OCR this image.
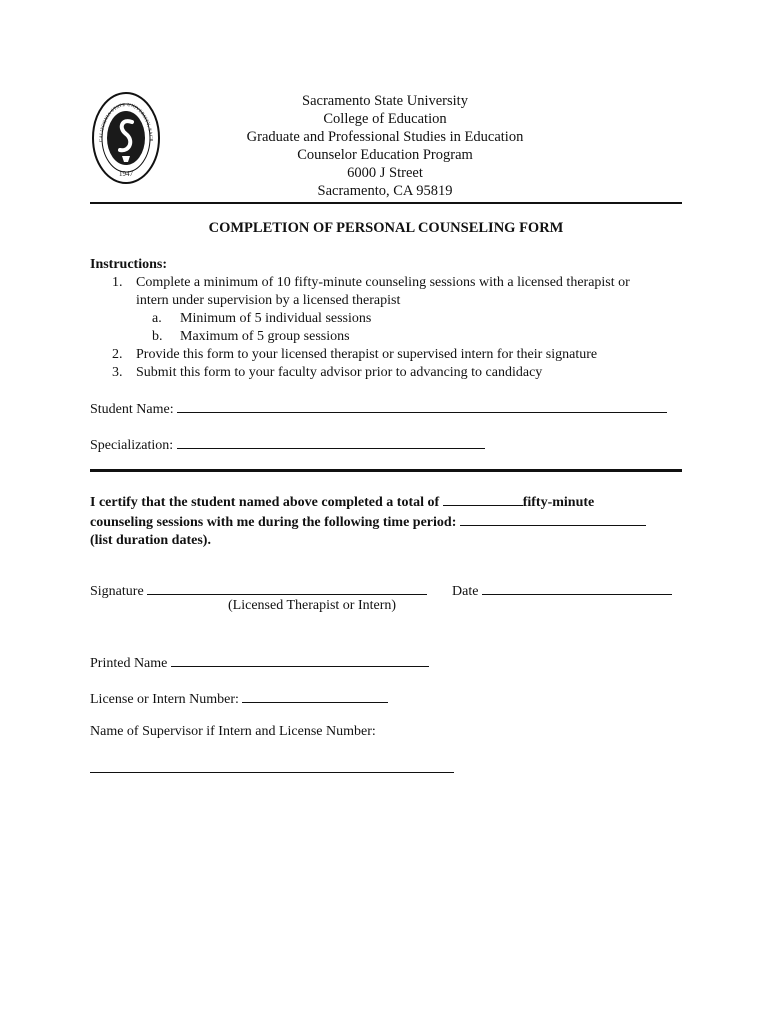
1947
CALIFORNIA STATE UNIVERSITY, SACR
Sacramento State University
College of Education
Graduate and Professional Studies in Education
Counselor Education Program
6000 J Street
Sacramento, CA 95819
COMPLETION OF PERSONAL COUNSELING FORM
Instructions:
1. Complete a minimum of 10 fifty-minute counseling sessions with a licensed therapist or
intern under supervision by a licensed therapist
a. Minimum of 5 individual sessions
b. Maximum of 5 group sessions
2. Provide this form to your licensed therapist or supervised intern for their signature
3. Submit this form to your faculty advisor prior to advancing to candidacy
Student Name:
Specialization:
I certify that the student named above completed a total of	fifty-minute
counseling sessions with me during the following time period:
(list duration dates).
Signature	Date
(Licensed Therapist or Intern)
Printed Name
License or Intern Number:
Name of Supervisor if Intern and License Number:
